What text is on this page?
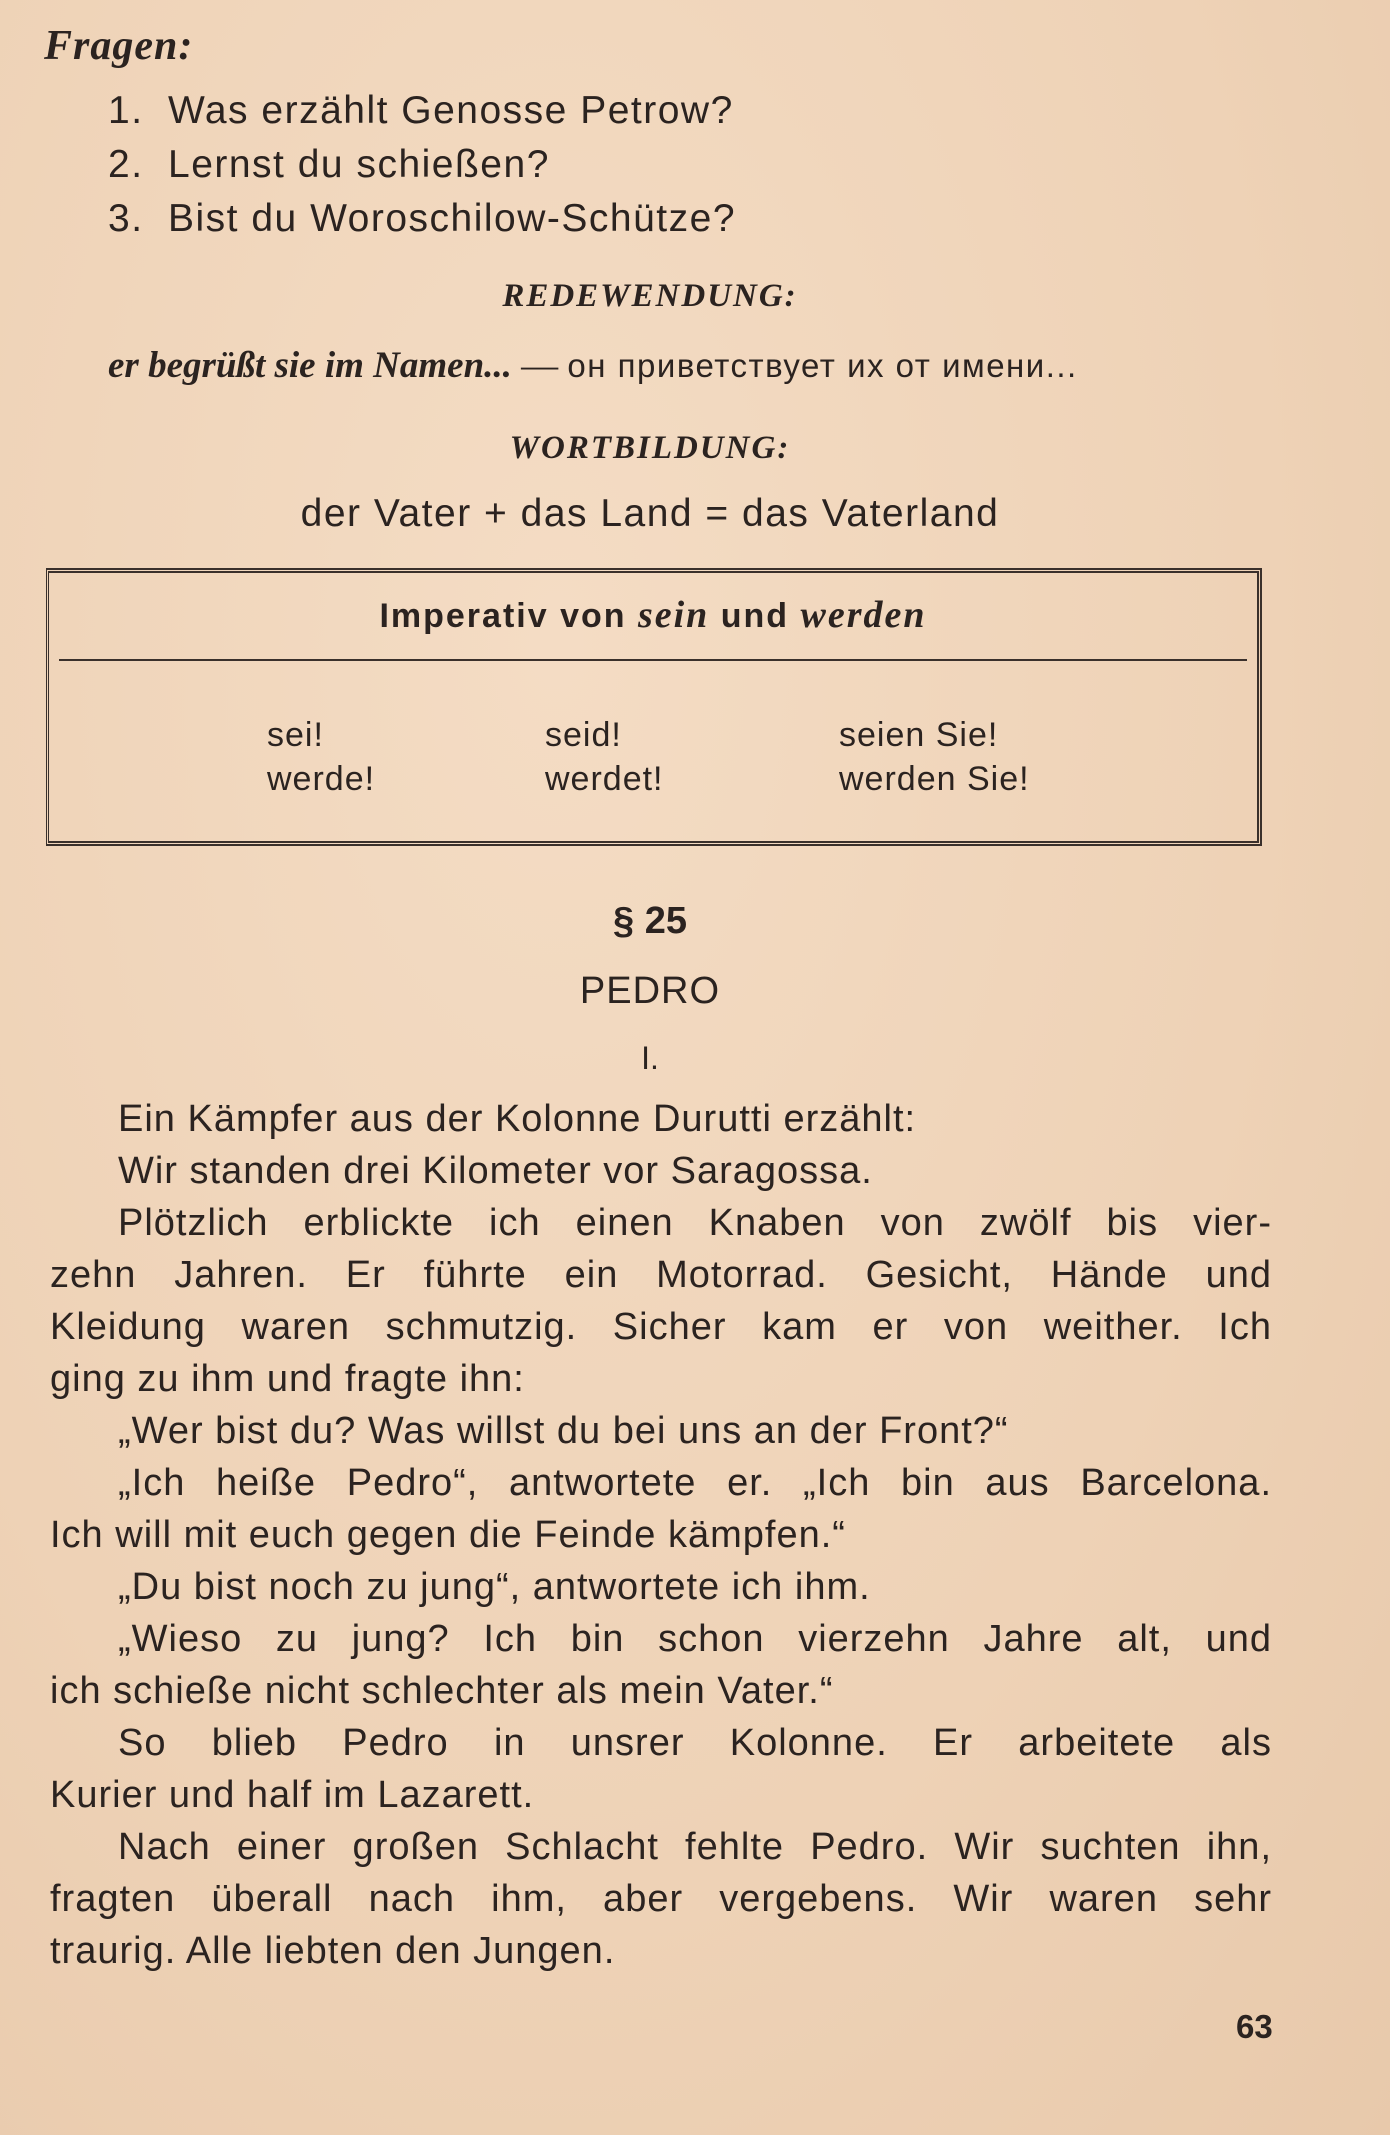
Fragen:
1. Was erzählt Genosse Petrow?
2. Lernst du schießen?
3. Bist du Woroschilow-Schütze?
REDEWENDUNG:
er begrüßt sie im Namen... — он приветствует их от имени...
WORTBILDUNG:
der Vater + das Land = das Vaterland
Imperativ von sein und werden
sei!
werde!
seid!
werdet!
seien Sie!
werden Sie!
§ 25
PEDRO
I.
Ein Kämpfer aus der Kolonne Durutti erzählt:
Wir standen drei Kilometer vor Saragossa.
Plötzlich erblickte ich einen Knaben von zwölf bis vier-
zehn Jahren. Er führte ein Motorrad. Gesicht, Hände und
Kleidung waren schmutzig. Sicher kam er von weither. Ich
ging zu ihm und fragte ihn:
„Wer bist du? Was willst du bei uns an der Front?“
„Ich heiße Pedro“, antwortete er. „Ich bin aus Barcelona.
Ich will mit euch gegen die Feinde kämpfen.“
„Du bist noch zu jung“, antwortete ich ihm.
„Wieso zu jung? Ich bin schon vierzehn Jahre alt, und
ich schieße nicht schlechter als mein Vater.“
So blieb Pedro in unsrer Kolonne. Er arbeitete als
Kurier und half im Lazarett.
Nach einer großen Schlacht fehlte Pedro. Wir suchten ihn,
fragten überall nach ihm, aber vergebens. Wir waren sehr
traurig. Alle liebten den Jungen.
63
